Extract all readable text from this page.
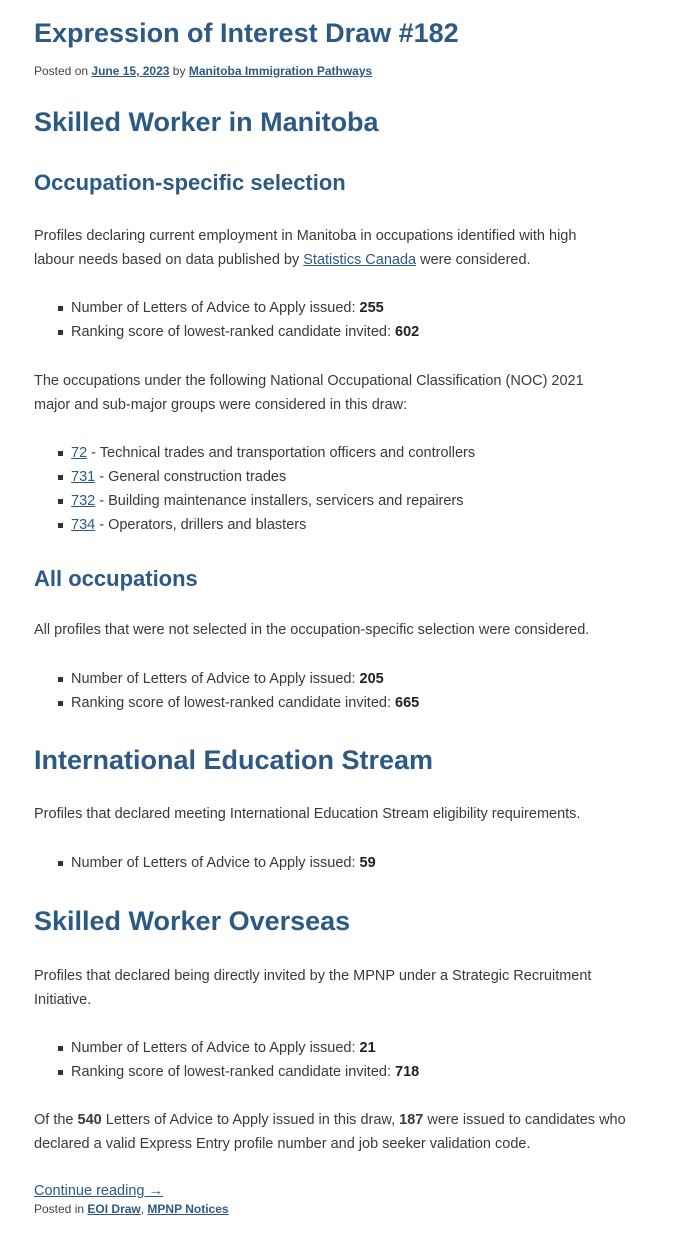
Expression of Interest Draw #182
Posted on June 15, 2023 by Manitoba Immigration Pathways
Skilled Worker in Manitoba
Occupation-specific selection

Profiles declaring current employment in Manitoba in occupations identified with high labour needs based on data published by Statistics Canada were considered.

Number of Letters of Advice to Apply issued: 255
Ranking score of lowest-ranked candidate invited: 602

The occupations under the following National Occupational Classification (NOC) 2021 major and sub-major groups were considered in this draw:

72 - Technical trades and transportation officers and controllers
731 - General construction trades
732 - Building maintenance installers, servicers and repairers
734 - Operators, drillers and blasters
All occupations

All profiles that were not selected in the occupation-specific selection were considered.

Number of Letters of Advice to Apply issued: 205
Ranking score of lowest-ranked candidate invited: 665
International Education Stream

Profiles that declared meeting International Education Stream eligibility requirements.

Number of Letters of Advice to Apply issued: 59
Skilled Worker Overseas

Profiles that declared being directly invited by the MPNP under a Strategic Recruitment Initiative.

Number of Letters of Advice to Apply issued: 21
Ranking score of lowest-ranked candidate invited: 718

Of the 540 Letters of Advice to Apply issued in this draw, 187 were issued to candidates who declared a valid Express Entry profile number and job seeker validation code.

Continue reading →
Posted in EOI Draw, MPNP Notices
